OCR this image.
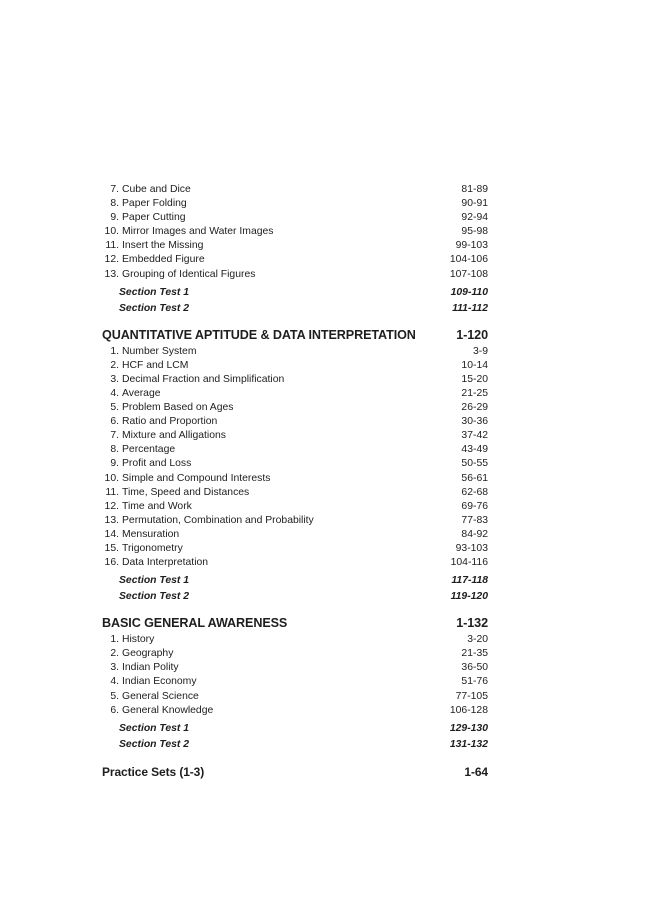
7. Cube and Dice	81-89
8. Paper Folding	90-91
9. Paper Cutting	92-94
10. Mirror Images and Water Images	95-98
11. Insert the Missing	99-103
12. Embedded Figure	104-106
13. Grouping of Identical Figures	107-108
Section Test 1	109-110
Section Test 2	111-112
QUANTITATIVE APTITUDE & DATA INTERPRETATION	1-120
1. Number System	3-9
2. HCF and LCM	10-14
3. Decimal Fraction and Simplification	15-20
4. Average	21-25
5. Problem Based on Ages	26-29
6. Ratio and Proportion	30-36
7. Mixture and Alligations	37-42
8. Percentage	43-49
9. Profit and Loss	50-55
10. Simple and Compound Interests	56-61
11. Time, Speed and Distances	62-68
12. Time and Work	69-76
13. Permutation, Combination and Probability	77-83
14. Mensuration	84-92
15. Trigonometry	93-103
16. Data Interpretation	104-116
Section Test 1	117-118
Section Test 2	119-120
BASIC GENERAL AWARENESS	1-132
1. History	3-20
2. Geography	21-35
3. Indian Polity	36-50
4. Indian Economy	51-76
5. General Science	77-105
6. General Knowledge	106-128
Section Test 1	129-130
Section Test 2	131-132
Practice Sets (1-3)	1-64
